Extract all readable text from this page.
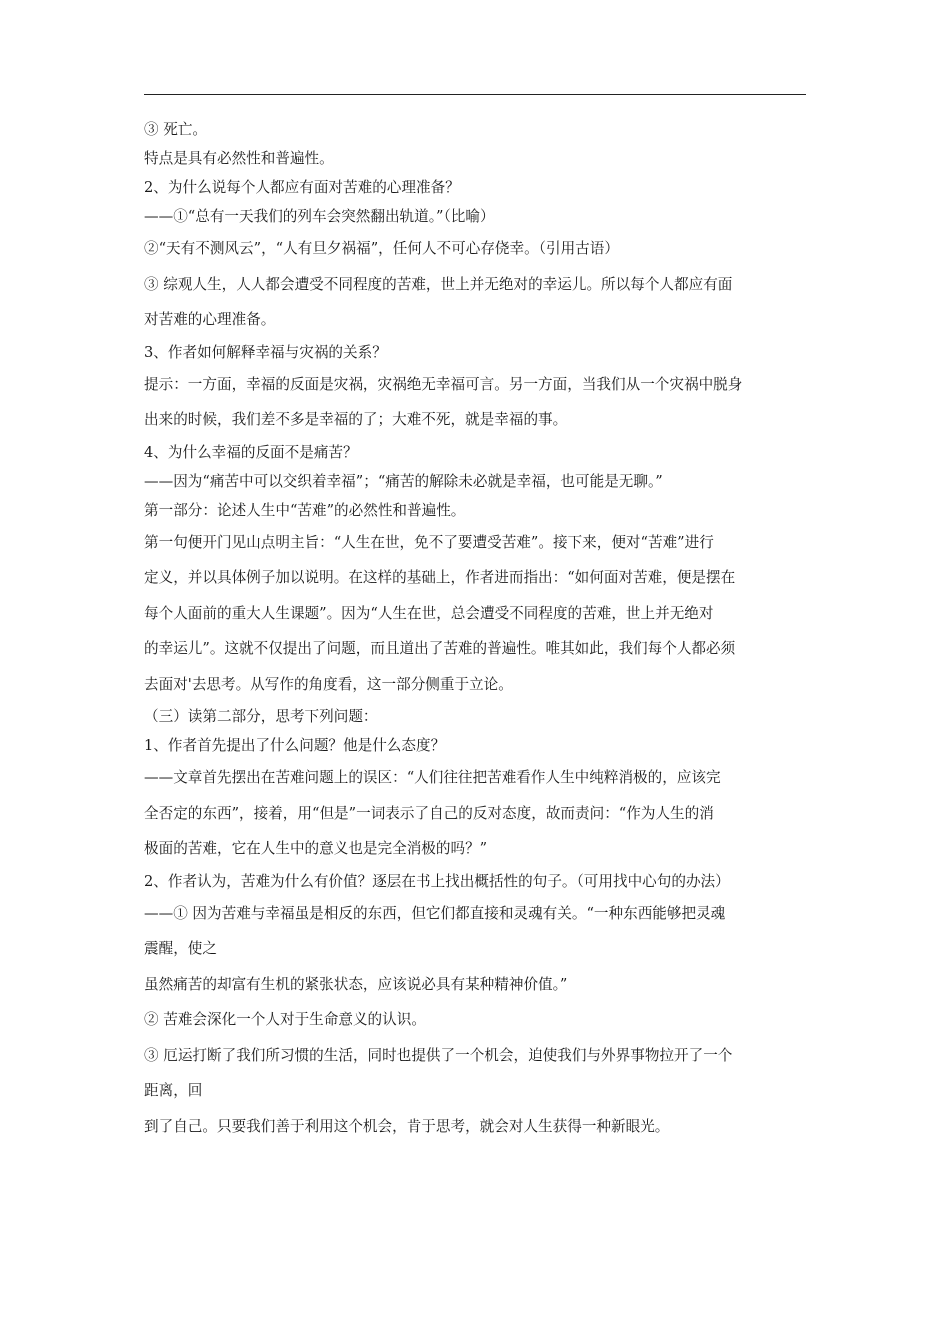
③ 死亡。

特点是具有必然性和普遍性。

2、为什么说每个人都应有面对苦难的心理准备？

——①“总有一天我们的列车会突然翻出轨道。”（比喻）

②“天有不测风云”，“人有旦夕祸福”，任何人不可心存侥幸。（引用古语）

③ 综观人生，人人都会遭受不同程度的苦难，世上并无绝对的幸运儿。所以每个人都应有面

对苦难的心理准备。

3、作者如何解释幸福与灾祸的关系？

提示：一方面，幸福的反面是灾祸，灾祸绝无幸福可言。另一方面，当我们从一个灾祸中脱身

出来的时候，我们差不多是幸福的了；大难不死，就是幸福的事。

4、为什么幸福的反面不是痛苦？

——因为“痛苦中可以交织着幸福”；“痛苦的解除未必就是幸福，也可能是无聊。”

第一部分：论述人生中“苦难”的必然性和普遍性。

第一句便开门见山点明主旨：“人生在世，免不了要遭受苦难”。接下来，便对“苦难”进行

定义，并以具体例子加以说明。在这样的基础上，作者进而指出：“如何面对苦难，便是摆在

每个人面前的重大人生课题”。因为“人生在世，总会遭受不同程度的苦难，世上并无绝对

的幸运儿”。这就不仅提出了问题，而且道出了苦难的普遍性。唯其如此，我们每个人都必须

去面对'去思考。从写作的角度看，这一部分侧重于立论。

（三）读第二部分，思考下列问题：

1、作者首先提出了什么问题？他是什么态度？

——文章首先摆出在苦难问题上的误区：“人们往往把苦难看作人生中纯粹消极的，应该完

全否定的东西”，接着，用“但是”一词表示了自己的反对态度，故而责问：“作为人生的消

极面的苦难，它在人生中的意义也是完全消极的吗？”

2、作者认为，苦难为什么有价值？逐层在书上找出概括性的句子。（可用找中心句的办法）

——① 因为苦难与幸福虽是相反的东西，但它们都直接和灵魂有关。“一种东西能够把灵魂

震醒，使之

虽然痛苦的却富有生机的紧张状态，应该说必具有某种精神价值。”

② 苦难会深化一个人对于生命意义的认识。

③ 厄运打断了我们所习惯的生活，同时也提供了一个机会，迫使我们与外界事物拉开了一个

距离，回

到了自己。只要我们善于利用这个机会，肯于思考，就会对人生获得一种新眼光。
